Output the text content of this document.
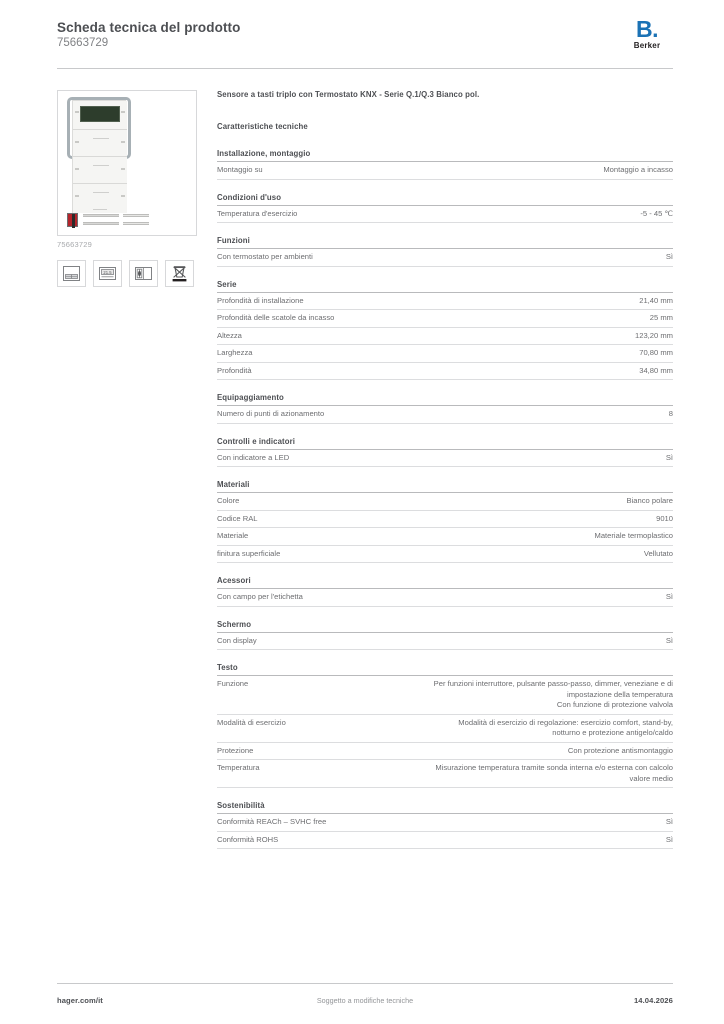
Scheda tecnica del prodotto
75663729
B.
Berker
75663729
21.5
Sensore a tasti triplo con Termostato KNX - Serie Q.1/Q.3 Bianco pol.
Caratteristiche tecniche
Installazione, montaggio
Montaggio su	Montaggio a incasso
Condizioni d'uso
Temperatura d'esercizio	-5 - 45 ℃
Funzioni
Con termostato per ambienti	Sì
Serie
Profondità di installazione	21,40 mm
Profondità delle scatole da incasso	25 mm
Altezza	123,20 mm
Larghezza	70,80 mm
Profondità	34,80 mm
Equipaggiamento
Numero di punti di azionamento	8
Controlli e indicatori
Con indicatore a LED	Sì
Materiali
Colore	Bianco polare
Codice RAL	9010
Materiale	Materiale termoplastico
finitura superficiale	Vellutato
Acessori
Con campo per l'etichetta	Sì
Schermo
Con display	Sì
Testo
Funzione	Per funzioni interruttore, pulsante passo-passo, dimmer, veneziane e di
impostazione della temperatura
Con funzione di protezione valvola
Modalità di esercizio	Modalità di esercizio di regolazione: esercizio comfort, stand-by,
notturno e protezione antigelo/caldo
Protezione	Con protezione antismontaggio
Temperatura	Misurazione temperatura tramite sonda interna e/o esterna con calcolo
valore medio
Sostenibilità
Conformità REACh – SVHC free	Sì
Conformità ROHS	Sì
hager.com/it	Soggetto a modifiche tecniche	14.04.2026
